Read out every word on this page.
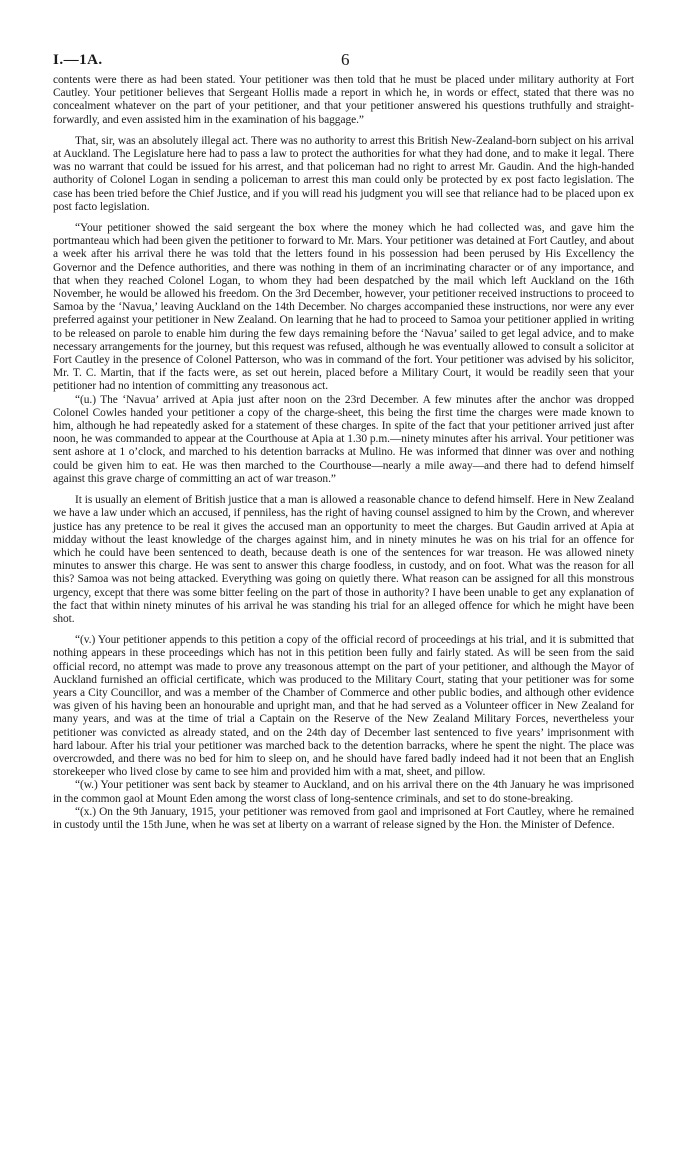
I.—1A.	6

contents were there as had been stated. Your petitioner was then told that he must be placed under military authority at Fort Cautley. Your petitioner believes that Sergeant Hollis made a report in which he, in words or effect, stated that there was no concealment whatever on the part of your petitioner, and that your petitioner answered his questions truthfully and straight-forwardly, and even assisted him in the examination of his baggage.”

That, sir, was an absolutely illegal act. There was no authority to arrest this British New-Zealand-born subject on his arrival at Auckland. The Legislature here had to pass a law to protect the authorities for what they had done, and to make it legal. There was no warrant that could be issued for his arrest, and that policeman had no right to arrest Mr. Gaudin. And the high-handed authority of Colonel Logan in sending a policeman to arrest this man could only be protected by ex post facto legislation. The case has been tried before the Chief Justice, and if you will read his judgment you will see that reliance had to be placed upon ex post facto legislation.

“Your petitioner showed the said sergeant the box where the money which he had collected was, and gave him the portmanteau which had been given the petitioner to forward to Mr. Mars. Your petitioner was detained at Fort Cautley, and about a week after his arrival there he was told that the letters found in his possession had been perused by His Excellency the Governor and the Defence authorities, and there was nothing in them of an incriminating character or of any importance, and that when they reached Colonel Logan, to whom they had been despatched by the mail which left Auckland on the 16th November, he would be allowed his freedom. On the 3rd December, however, your petitioner received instructions to proceed to Samoa by the ‘Navua,’ leaving Auckland on the 14th December. No charges accompanied these instructions, nor were any ever preferred against your petitioner in New Zealand. On learning that he had to proceed to Samoa your petitioner applied in writing to be released on parole to enable him during the few days remaining before the ‘Navua’ sailed to get legal advice, and to make necessary arrangements for the journey, but this request was refused, although he was eventually allowed to consult a solicitor at Fort Cautley in the presence of Colonel Patterson, who was in command of the fort. Your petitioner was advised by his solicitor, Mr. T. C. Martin, that if the facts were, as set out herein, placed before a Military Court, it would be readily seen that your petitioner had no intention of committing any treasonous act.

“(u.) The ‘Navua’ arrived at Apia just after noon on the 23rd December. A few minutes after the anchor was dropped Colonel Cowles handed your petitioner a copy of the charge-sheet, this being the first time the charges were made known to him, although he had repeatedly asked for a statement of these charges. In spite of the fact that your petitioner arrived just after noon, he was commanded to appear at the Courthouse at Apia at 1.30 p.m.—ninety minutes after his arrival. Your petitioner was sent ashore at 1 o’clock, and marched to his detention barracks at Mulino. He was informed that dinner was over and nothing could be given him to eat. He was then marched to the Courthouse—nearly a mile away—and there had to defend himself against this grave charge of committing an act of war treason.”

It is usually an element of British justice that a man is allowed a reasonable chance to defend himself. Here in New Zealand we have a law under which an accused, if penniless, has the right of having counsel assigned to him by the Crown, and wherever justice has any pretence to be real it gives the accused man an opportunity to meet the charges. But Gaudin arrived at Apia at midday without the least knowledge of the charges against him, and in ninety minutes he was on his trial for an offence for which he could have been sentenced to death, because death is one of the sentences for war treason. He was allowed ninety minutes to answer this charge. He was sent to answer this charge foodless, in custody, and on foot. What was the reason for all this? Samoa was not being attacked. Everything was going on quietly there. What reason can be assigned for all this monstrous urgency, except that there was some bitter feeling on the part of those in authority? I have been unable to get any explanation of the fact that within ninety minutes of his arrival he was standing his trial for an alleged offence for which he might have been shot.

“(v.) Your petitioner appends to this petition a copy of the official record of proceedings at his trial, and it is submitted that nothing appears in these proceedings which has not in this petition been fully and fairly stated. As will be seen from the said official record, no attempt was made to prove any treasonous attempt on the part of your petitioner, and although the Mayor of Auckland furnished an official certificate, which was produced to the Military Court, stating that your petitioner was for some years a City Councillor, and was a member of the Chamber of Commerce and other public bodies, and although other evidence was given of his having been an honourable and upright man, and that he had served as a Volunteer officer in New Zealand for many years, and was at the time of trial a Captain on the Reserve of the New Zealand Military Forces, nevertheless your petitioner was convicted as already stated, and on the 24th day of December last sentenced to five years’ imprisonment with hard labour. After his trial your petitioner was marched back to the detention barracks, where he spent the night. The place was overcrowded, and there was no bed for him to sleep on, and he should have fared badly indeed had it not been that an English storekeeper who lived close by came to see him and provided him with a mat, sheet, and pillow.

“(w.) Your petitioner was sent back by steamer to Auckland, and on his arrival there on the 4th January he was imprisoned in the common gaol at Mount Eden among the worst class of long-sentence criminals, and set to do stone-breaking.

“(x.) On the 9th January, 1915, your petitioner was removed from gaol and imprisoned at Fort Cautley, where he remained in custody until the 15th June, when he was set at liberty on a warrant of release signed by the Hon. the Minister of Defence.
